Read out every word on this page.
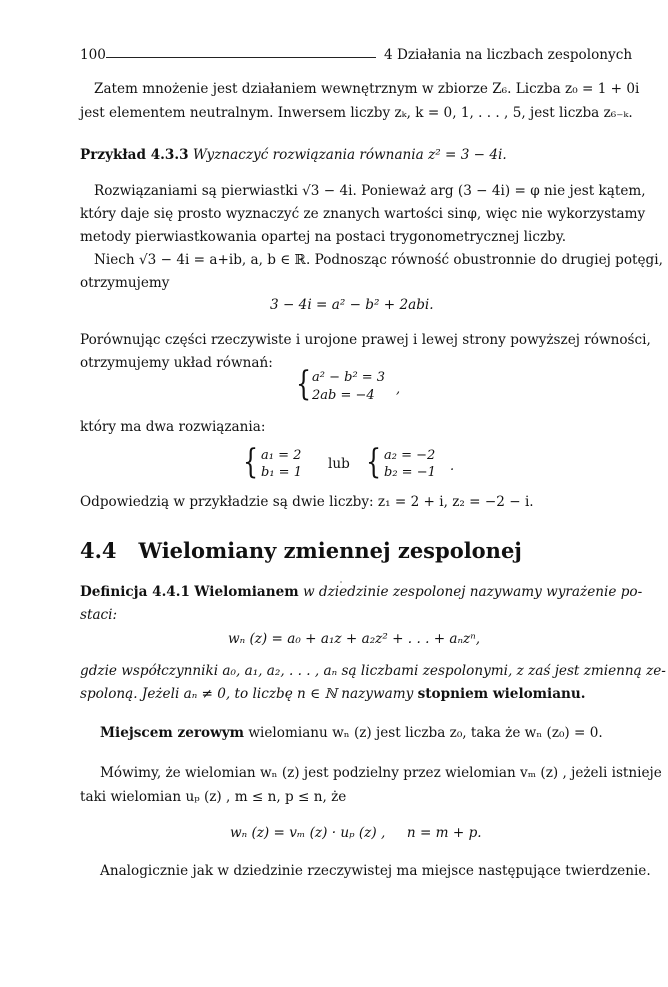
100	4 Działania na liczbach zespolonych
Zatem mnożenie jest działaniem wewnętrznym w zbiorze Z₆. Liczba z₀ = 1 + 0i
jest elementem neutralnym. Inwersem liczby zₖ, k = 0, 1, . . . , 5, jest liczba z₆₋ₖ.
Przykład 4.3.3 Wyznaczyć rozwiązania równania z² = 3 − 4i.
Rozwiązaniami są pierwiastki √3 − 4i. Ponieważ arg (3 − 4i) = φ nie jest kątem,
który daje się prosto wyznaczyć ze znanych wartości sinφ, więc nie wykorzystamy
metody pierwiastkowania opartej na postaci trygonometrycznej liczby.
Niech √3 − 4i = a+ib, a, b ∈ ℝ. Podnosząc równość obustronnie do drugiej potęgi,
otrzymujemy
3 − 4i = a² − b² + 2abi.
Porównując części rzeczywiste i urojone prawej i lewej strony powyższej równości,
otrzymujemy układ równań:
{ a² − b² = 3
2ab = −4 ,
który ma dwa rozwiązania:
{ a₁ = 2
b₁ = 1
lub { a₂ = −2
b₂ = −1 .
Odpowiedzią w przykładzie są dwie liczby: z₁ = 2 + i, z₂ = −2 − i.
4.4 Wielomiany zmiennej zespolonej
Definicja 4.4.1 Wielomianem w dziedzinie zespolonej nazywamy wyrażenie po-
staci:
wₙ (z) = a₀ + a₁z + a₂z² + . . . + aₙzⁿ,
gdzie współczynniki a₀, a₁, a₂, . . . , aₙ są liczbami zespolonymi, z zaś jest zmienną ze-
spoloną. Jeżeli aₙ ≠ 0, to liczbę n ∈ ℕ nazywamy stopniem wielomianu.
Miejscem zerowym wielomianu wₙ (z) jest liczba z₀, taka że wₙ (z₀) = 0.
Mówimy, że wielomian wₙ (z) jest podzielny przez wielomian vₘ (z) , jeżeli istnieje
taki wielomian uₚ (z) , m ≤ n, p ≤ n, że
wₙ (z) = vₘ (z) · uₚ (z) ,     n = m + p.
Analogicznie jak w dziedzinie rzeczywistej ma miejsce następujące twierdzenie.
